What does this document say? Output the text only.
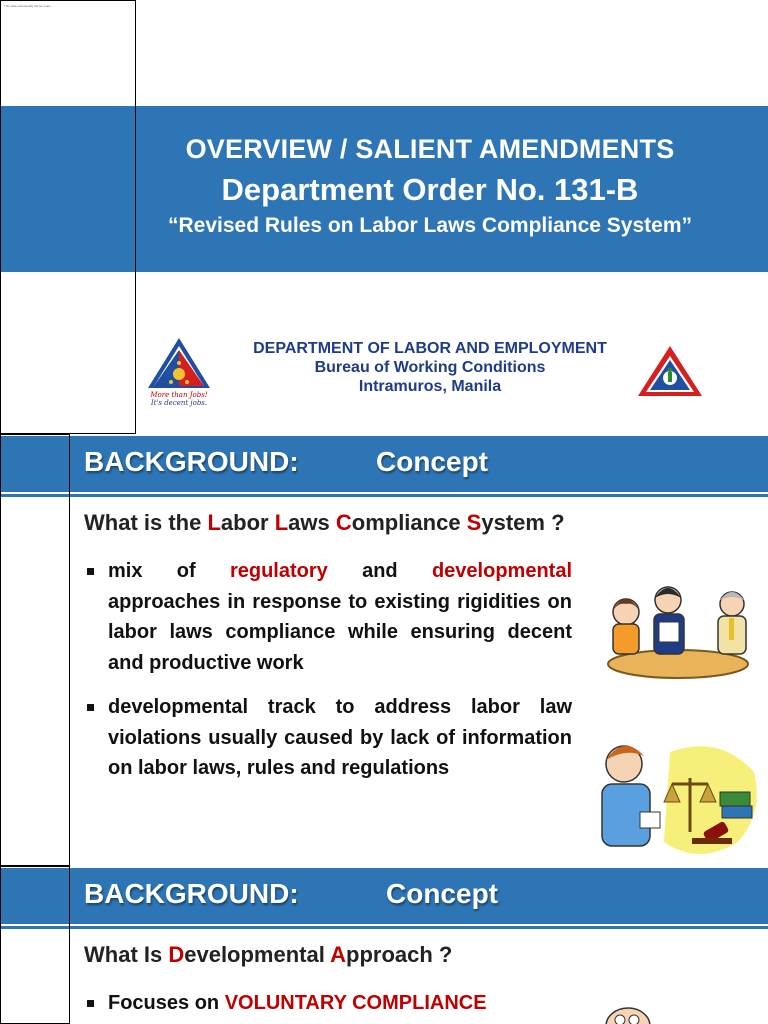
OVERVIEW / SALIENT AMENDMENTS
Department Order No. 131-B
“Revised Rules on Labor Laws Compliance System”
This slide intentionally left for notes
More than Jobs!
It's decent jobs.
DEPARTMENT OF LABOR AND EMPLOYMENT
Bureau of Working Conditions
Intramuros, Manila
BACKGROUND:	Concept
What is the Labor Laws Compliance System ?
mix of regulatory and developmental approaches in response to existing rigidities on labor laws compliance while ensuring decent and productive work
developmental track to address labor law violations usually caused by lack of information on labor laws, rules and regulations
BACKGROUND:	Concept
What Is Developmental Approach ?
Focuses on VOLUNTARY COMPLIANCE
